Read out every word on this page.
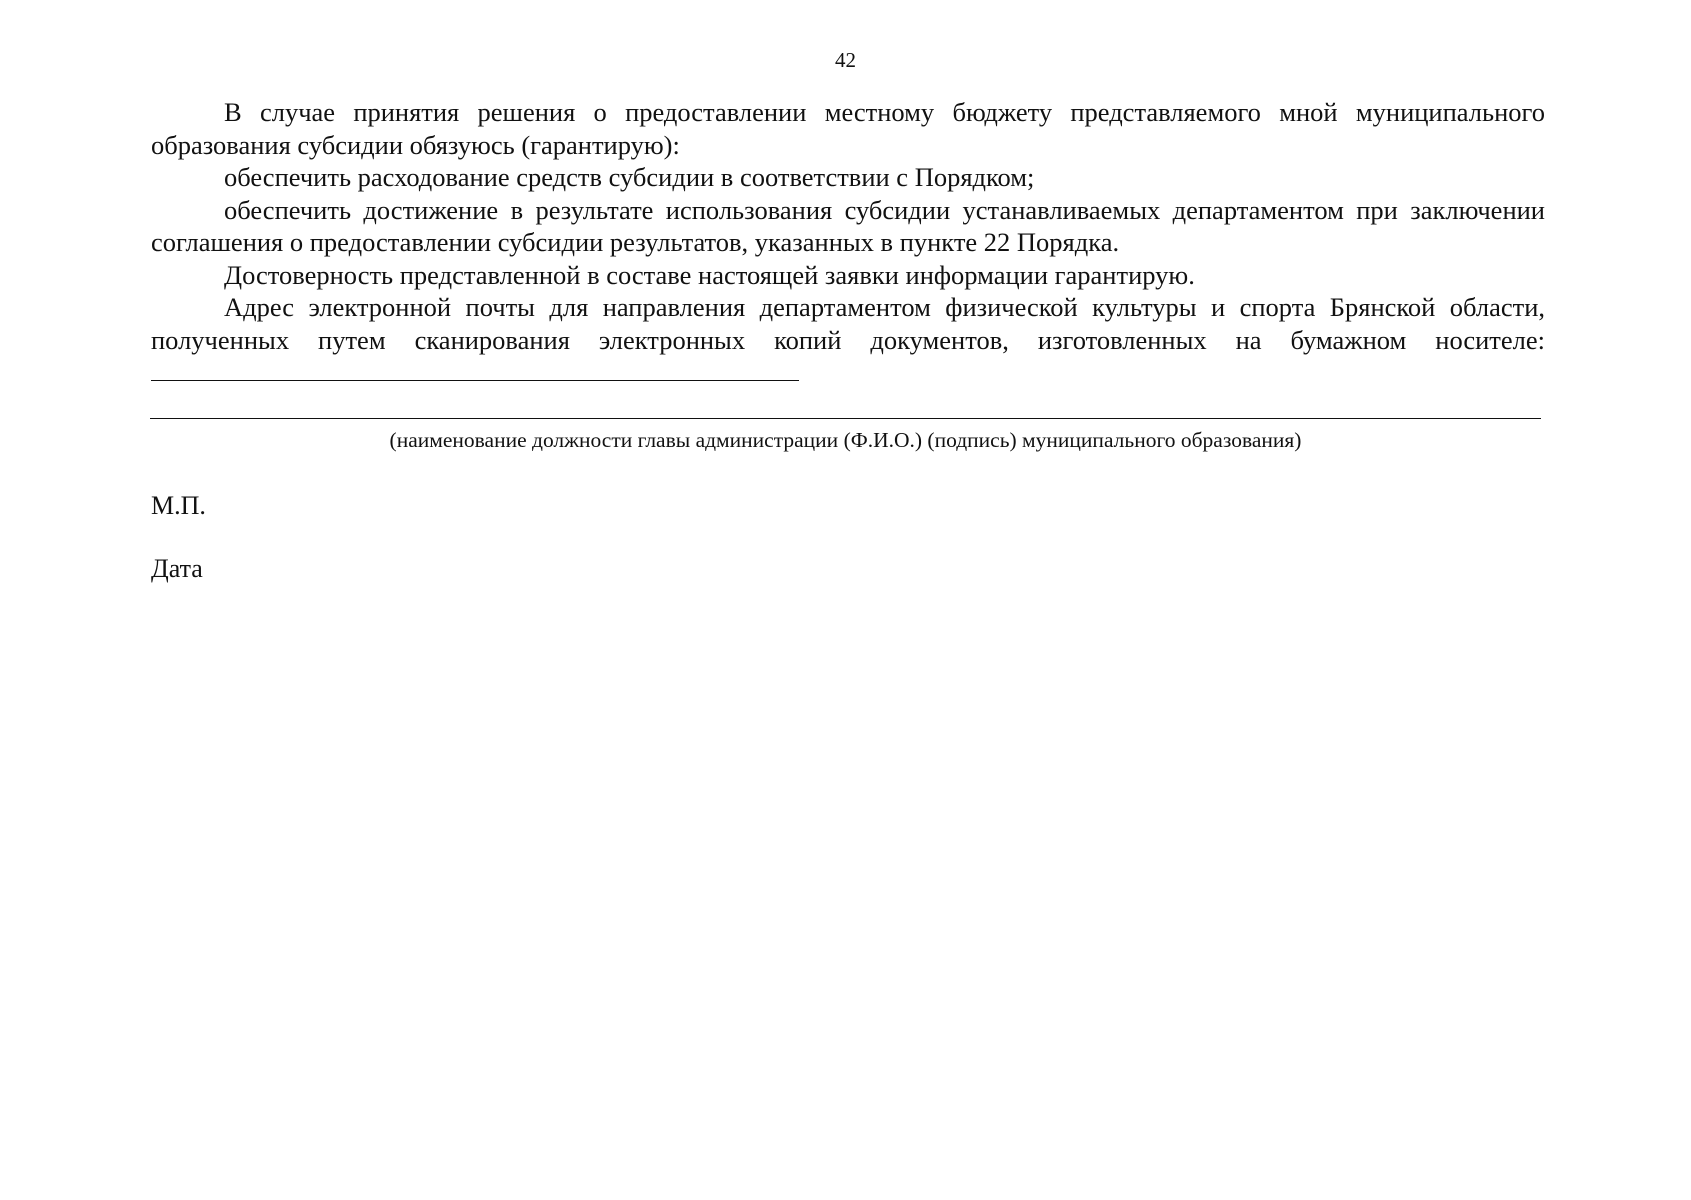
42

В случае принятия решения о предоставлении местному бюджету представляемого мной муниципального образования субсидии обязуюсь (гарантирую):

обеспечить расходование средств субсидии в соответствии с Порядком;

обеспечить достижение в результате использования субсидии устанавливаемых департаментом при заключении соглашения о предоставлении субсидии результатов, указанных в пункте 22 Порядка.

Достоверность представленной в составе настоящей заявки информации гарантирую.

Адрес электронной почты для направления департаментом физической культуры и спорта Брянской области, полученных путем сканирования электронных копий документов, изготовленных на бумажном носителе:

(наименование должности главы администрации (Ф.И.О.) (подпись) муниципального образования)
М.П.
Дата
